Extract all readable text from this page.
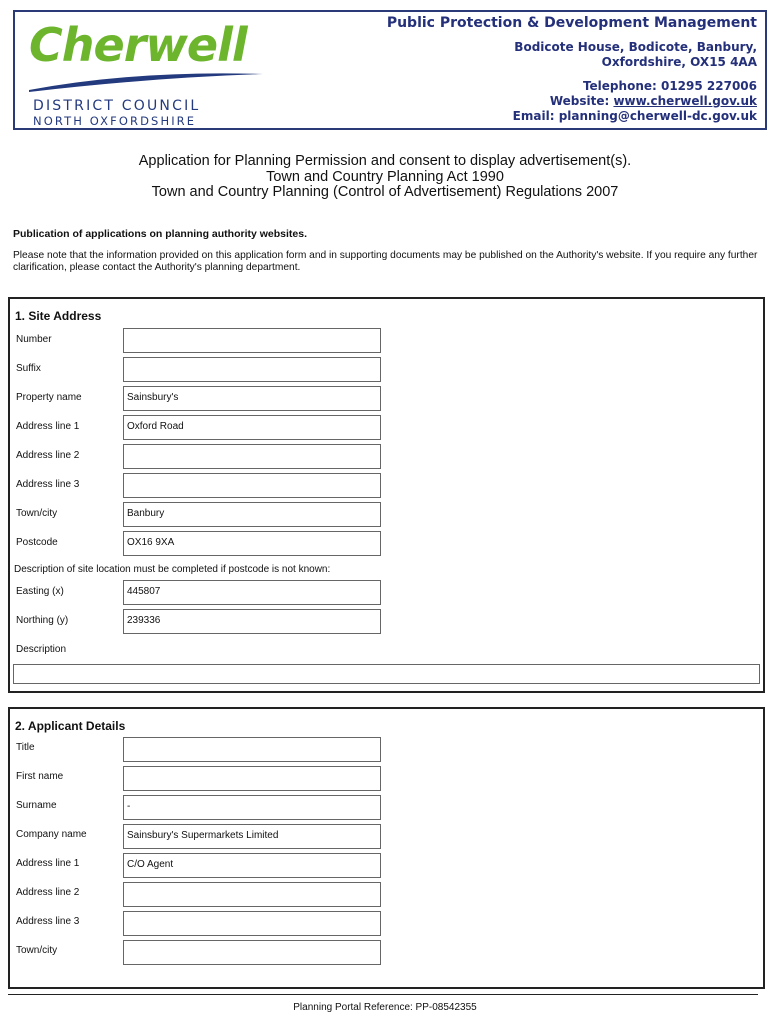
Cherwell
DISTRICT COUNCIL
NORTH OXFORDSHIRE
Public Protection & Development Management
Bodicote House, Bodicote, Banbury,
Oxfordshire, OX15 4AA
Telephone: 01295 227006
Website: www.cherwell.gov.uk
Email: planning@cherwell-dc.gov.uk
Application for Planning Permission and consent to display advertisement(s).
Town and Country Planning Act 1990
Town and Country Planning (Control of Advertisement) Regulations 2007
Publication of applications on planning authority websites.
Please note that the information provided on this application form and in supporting documents may be published on the Authority's website. If you require any further clarification, please contact the Authority's planning department.
1. Site Address
Number
Suffix
Property name	Sainsbury's
Address line 1	Oxford Road
Address line 2
Address line 3
Town/city	Banbury
Postcode	OX16 9XA
Description of site location must be completed if postcode is not known:
Easting (x)	445807
Northing (y)	239336
Description
2. Applicant Details
Title
First name
Surname	-
Company name	Sainsbury's Supermarkets Limited
Address line 1	C/O Agent
Address line 2
Address line 3
Town/city
Planning Portal Reference: PP-08542355
